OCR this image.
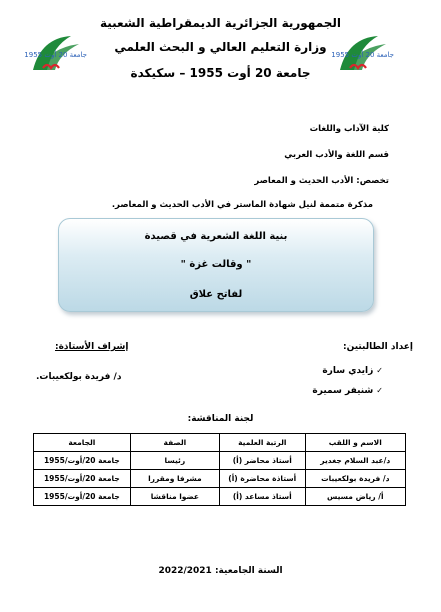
الجمهورية الجزائرية الديمقراطية الشعبية
وزارة التعليم العالي و البحث العلمي
جامعة 20 أوت 1955 – سكيكدة
جامعة 20 أوت 1955	جامعة 20 أوت 1955
كلية الآداب واللغات
قسم اللغة والأدب العربي
تخصص: الأدب الحديث و المعاصر
مذكرة متممة لنيل شهادة الماستر في الأدب الحديث و المعاصر.
بنية اللغة الشعرية في قصيدة
" وقالت غزة "
لفاتح علاق
إعداد الطالبتين:
✓زايدي سارة
✓شنيفر سميرة
إشراف الأستاذة:
د/ فريدة بولكعيبات.
لجنة المناقشة:
الاسم و اللقب	الرتبة العلمية	الصفة	الجامعة
د/عبد السلام جغدير	أستاذ محاضر (أ)	رئيسا	جامعة 20/أوت/1955
د/ فريدة بولكعيبات	أستاذة محاضرة (أ)	مشرفا ومقررا	جامعة 20/أوت/1955
أ/ رياض مسيس	أستاذ مساعد (أ)	عضوا مناقشا	جامعة 20/أوت/1955
السنة الجامعية: 2022/2021
